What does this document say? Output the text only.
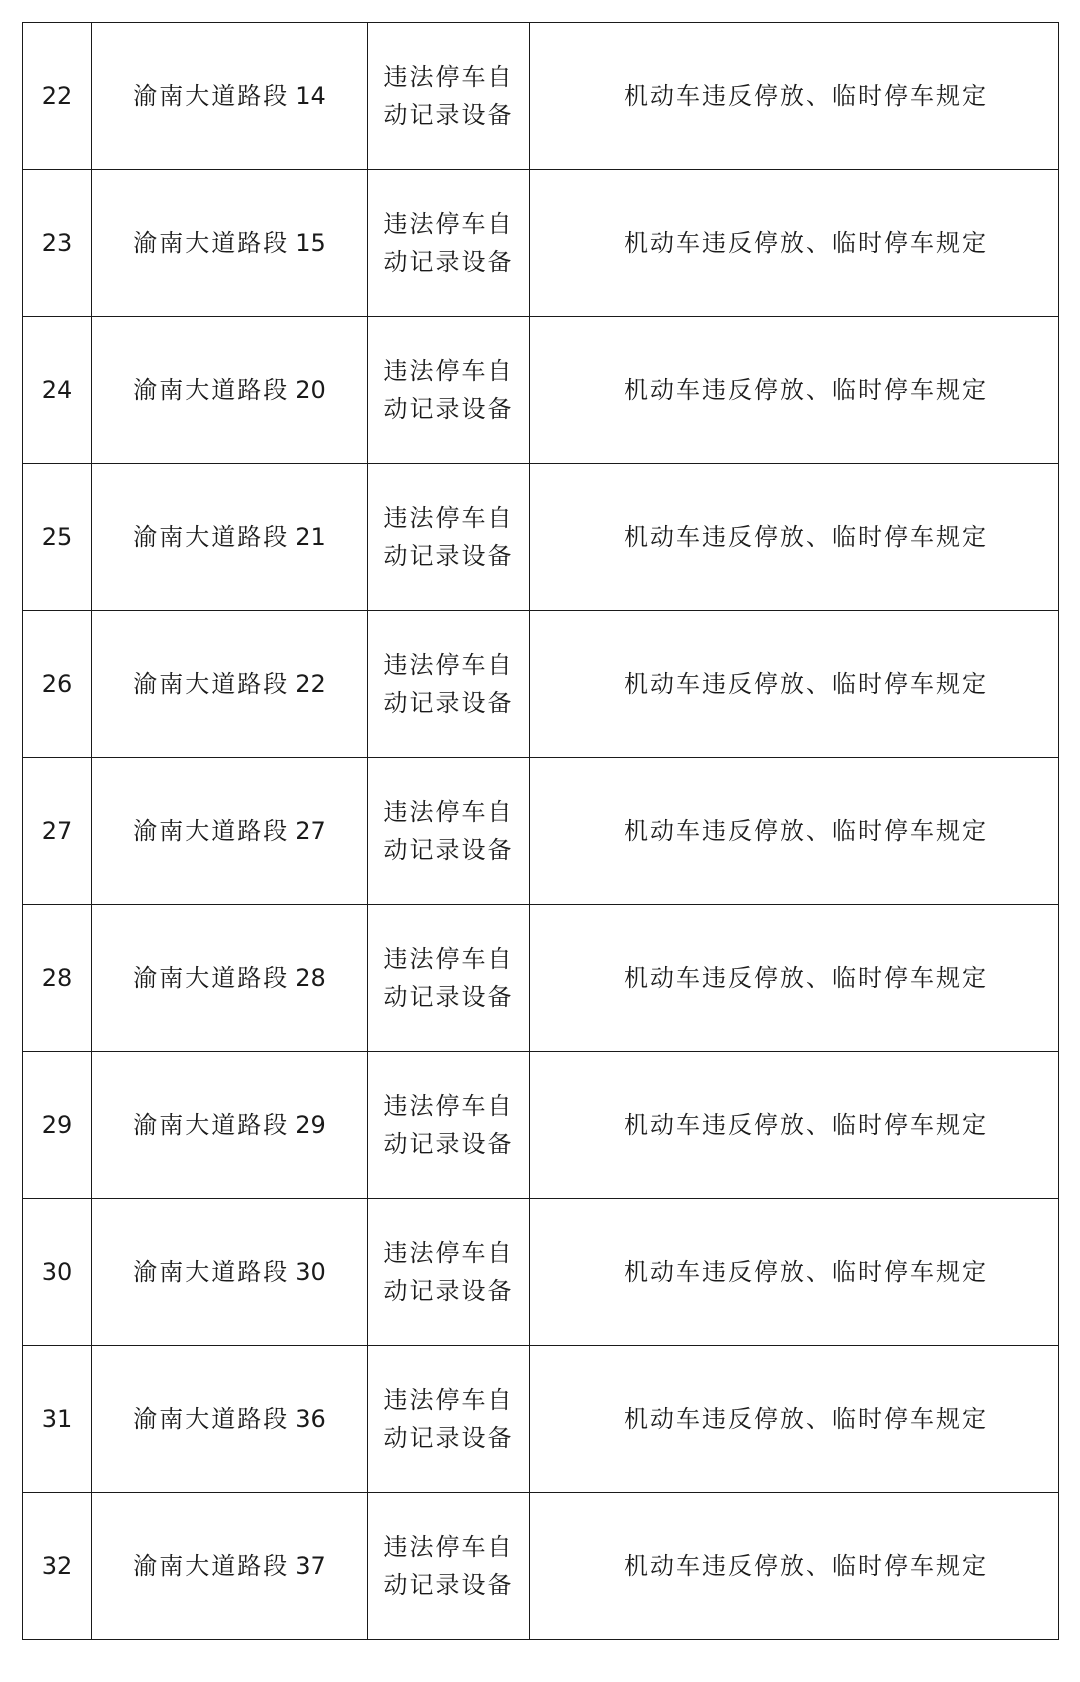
22	渝南大道路段 14	违法停车自动记录设备	机动车违反停放、临时停车规定
23	渝南大道路段 15	违法停车自动记录设备	机动车违反停放、临时停车规定
24	渝南大道路段 20	违法停车自动记录设备	机动车违反停放、临时停车规定
25	渝南大道路段 21	违法停车自动记录设备	机动车违反停放、临时停车规定
26	渝南大道路段 22	违法停车自动记录设备	机动车违反停放、临时停车规定
27	渝南大道路段 27	违法停车自动记录设备	机动车违反停放、临时停车规定
28	渝南大道路段 28	违法停车自动记录设备	机动车违反停放、临时停车规定
29	渝南大道路段 29	违法停车自动记录设备	机动车违反停放、临时停车规定
30	渝南大道路段 30	违法停车自动记录设备	机动车违反停放、临时停车规定
31	渝南大道路段 36	违法停车自动记录设备	机动车违反停放、临时停车规定
32	渝南大道路段 37	违法停车自动记录设备	机动车违反停放、临时停车规定
